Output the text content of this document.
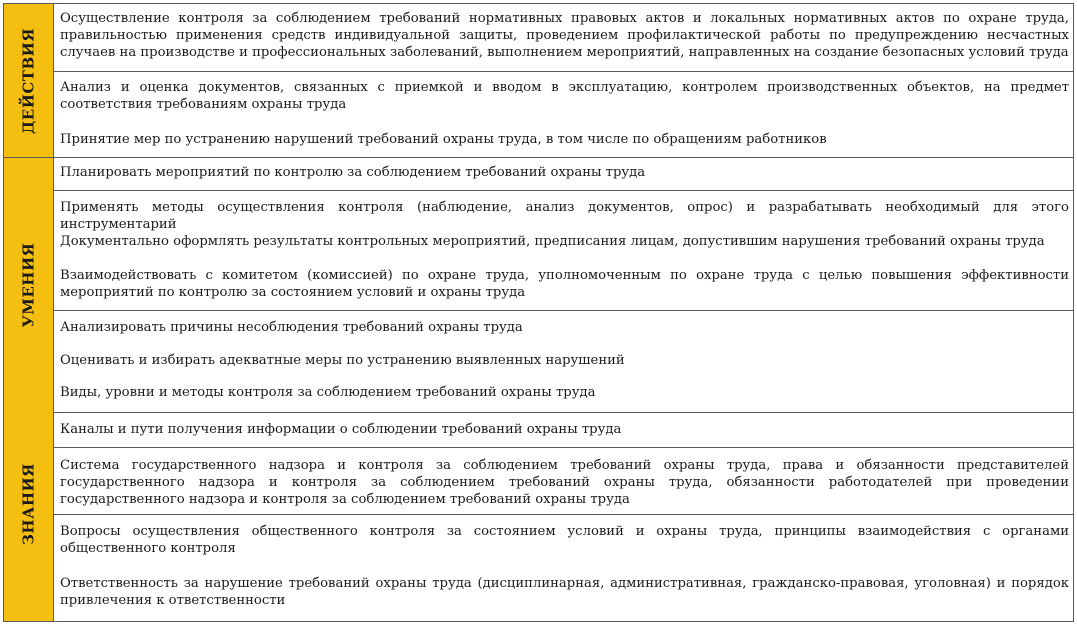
ДЕЙСТВИЯ
Осуществление контроля за соблюдением требований нормативных правовых актов и локальных нормативных актов по охране труда, правильностью применения средств индивидуальной защиты, проведением профилактической работы по предупреждению несчастных случаев на производстве и профессиональных заболеваний, выполнением мероприятий, направленных на создание безопасных условий труда
Анализ и оценка документов, связанных с приемкой и вводом в эксплуатацию, контролем производственных объектов, на предмет соответствия требованиям охраны труда
Принятие мер по устранению нарушений требований охраны труда, в том числе по обращениям работников
УМЕНИЯ
Планировать мероприятий по контролю за соблюдением требований охраны труда
Применять методы осуществления контроля (наблюдение, анализ документов, опрос) и разрабатывать необходимый для этого инструментарий
Документально оформлять результаты контрольных мероприятий, предписания лицам, допустившим нарушения требований охраны труда
Взаимодействовать с комитетом (комиссией) по охране труда, уполномоченным по охране труда с целью повышения эффективности мероприятий по контролю за состоянием условий и охраны труда
Анализировать причины несоблюдения требований охраны труда
Оценивать и избирать адекватные меры по устранению выявленных нарушений
ЗНАНИЯ
Виды, уровни и методы контроля за соблюдением требований охраны труда
Каналы и пути получения информации о соблюдении требований охраны труда
Система государственного надзора и контроля за соблюдением требований охраны труда, права и обязанности представителей государственного надзора и контроля за соблюдением требований охраны труда, обязанности работодателей при проведении государственного надзора и контроля за соблюдением требований охраны труда
Вопросы осуществления общественного контроля за состоянием условий и охраны труда, принципы взаимодействия с органами общественного контроля
Ответственность за нарушение требований охраны труда (дисциплинарная, административная, гражданско-правовая, уголовная) и порядок привлечения к ответственности
